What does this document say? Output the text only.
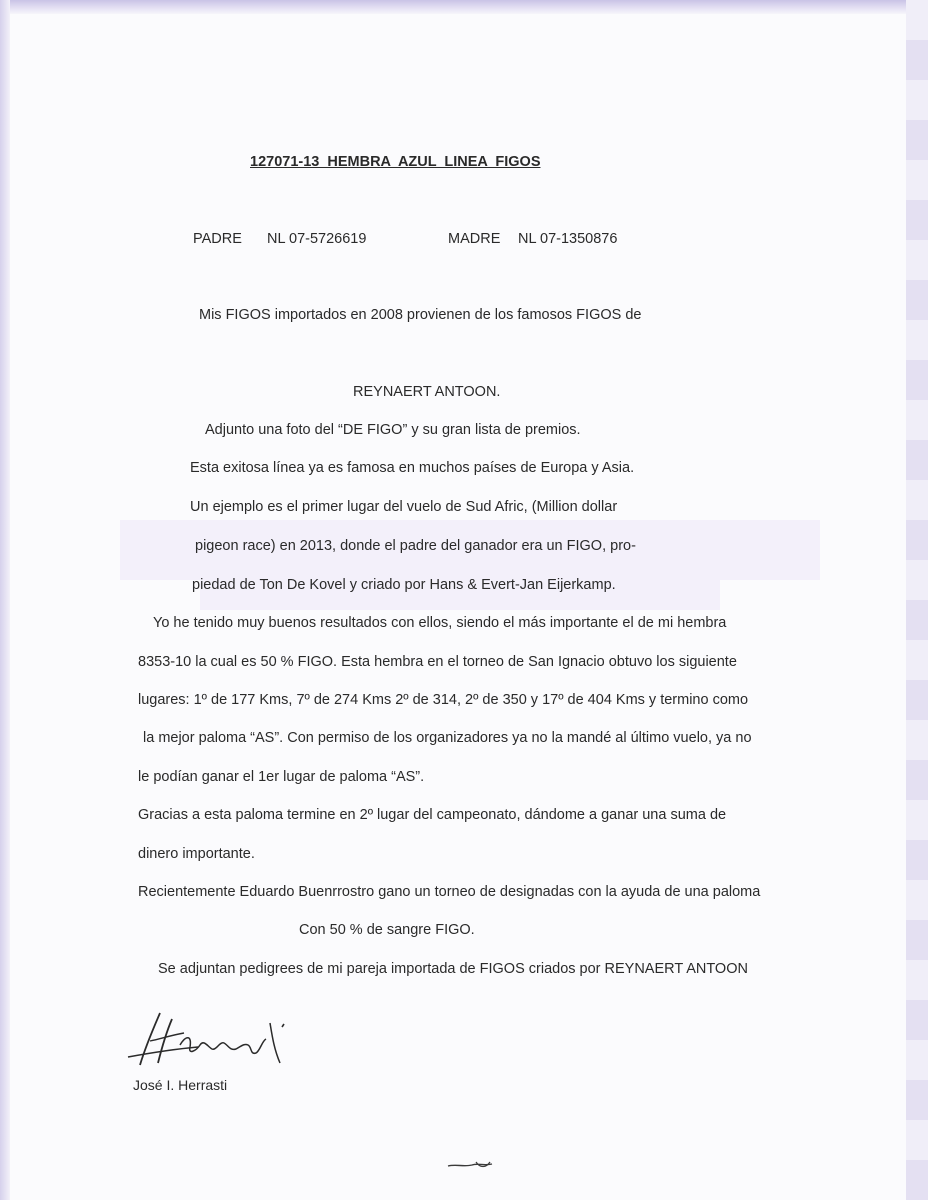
127071-13 HEMBRA AZUL LINEA FIGOS
PADRE NL 07-5726619	MADRE NL 07-1350876
Mis FIGOS importados en 2008 provienen de los famosos FIGOS de
REYNAERT ANTOON.
Adjunto una foto del “DE FIGO” y su gran lista de premios.
Esta exitosa línea ya es famosa en muchos países de Europa y Asia.
Un ejemplo es el primer lugar del vuelo de Sud Afric, (Million dollar
pigeon race) en 2013, donde el padre del ganador era un FIGO, pro-
piedad de Ton De Kovel y criado por Hans & Evert-Jan Eijerkamp.
Yo he tenido muy buenos resultados con ellos, siendo el más importante el de mi hembra
8353-10 la cual es 50 % FIGO. Esta hembra en el torneo de San Ignacio obtuvo los siguiente
lugares: 1º de 177 Kms, 7º de 274 Kms 2º de 314, 2º de 350 y 17º de 404 Kms y termino como
la mejor paloma “AS”. Con permiso de los organizadores ya no la mandé al último vuelo, ya no
le podían ganar el 1er lugar de paloma “AS”.
Gracias a esta paloma termine en 2º lugar del campeonato, dándome a ganar una suma de
dinero importante.
Recientemente Eduardo Buenrrostro gano un torneo de designadas con la ayuda de una paloma
Con 50 % de sangre FIGO.
Se adjuntan pedigrees de mi pareja importada de FIGOS criados por REYNAERT ANTOON
José I. Herrasti
